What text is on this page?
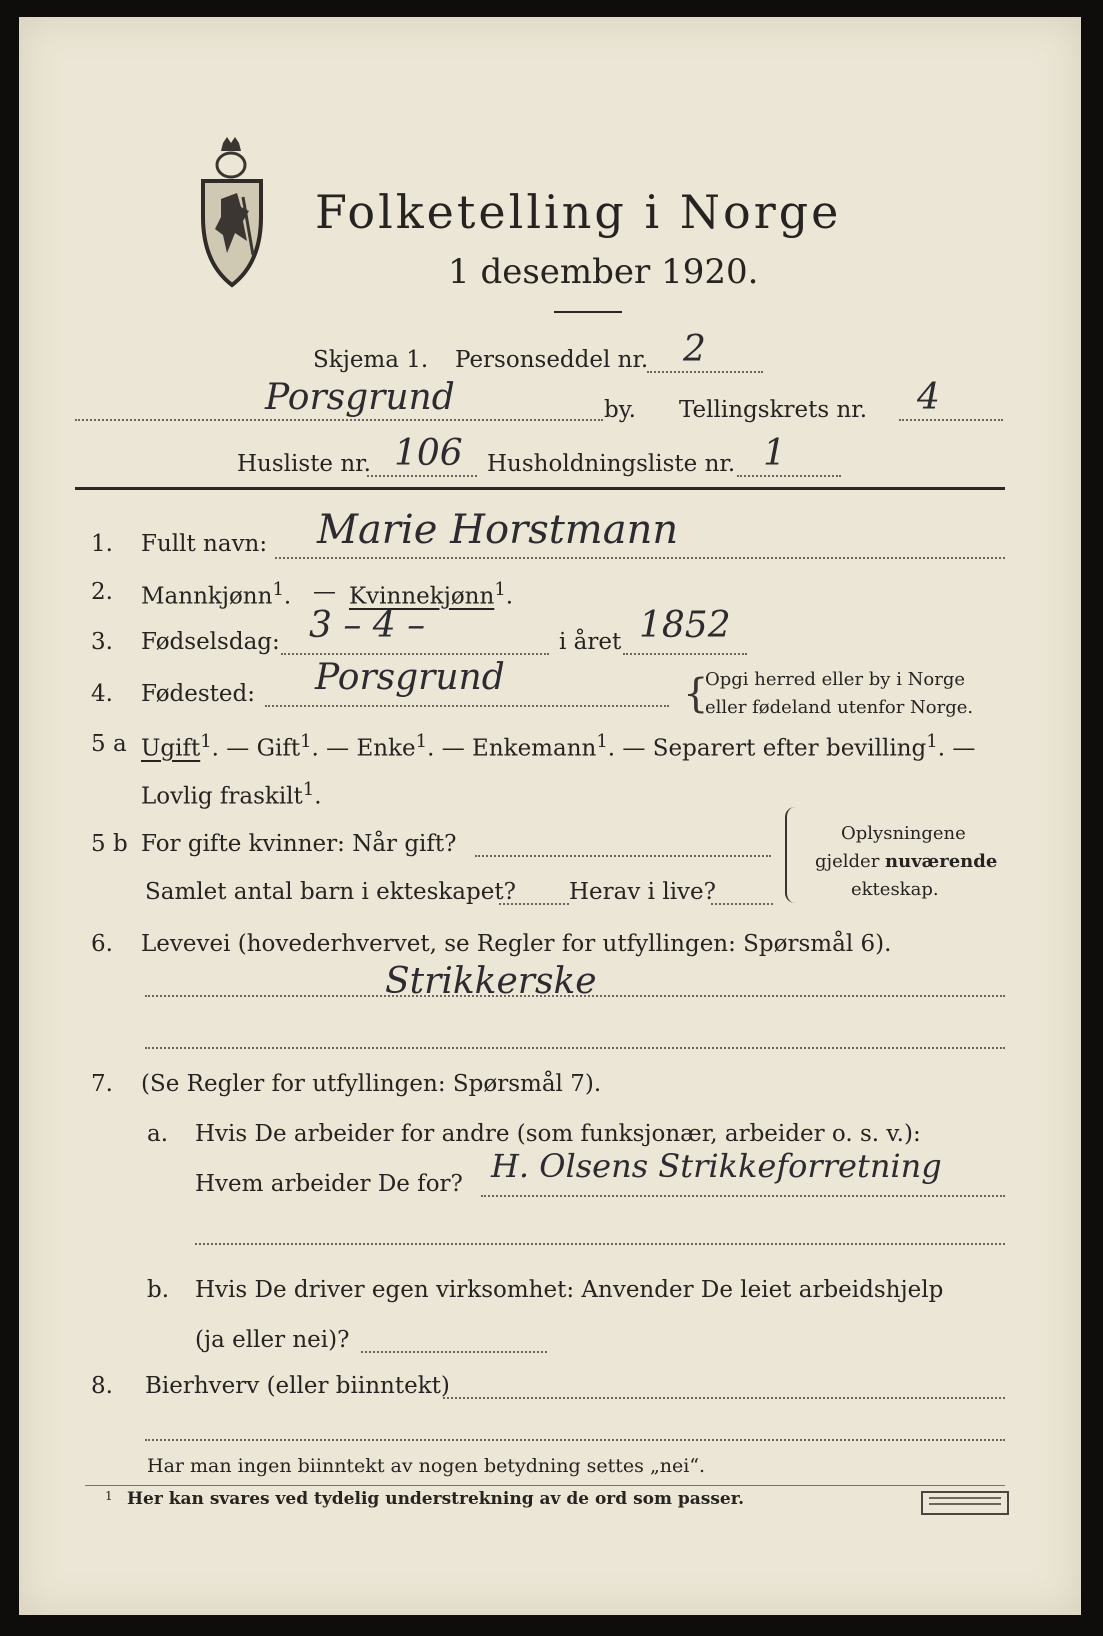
Folketelling i Norge
1 desember 1920.
Skjema 1. Personseddel nr. 2
Porsgrund	by. Tellingskrets nr. 4
Husliste nr. 106 Husholdningsliste nr. 1
1. Fullt navn: Marie Horstmann
2. Mannkjønn$^1$. — Kvinnekjønn$^1$.
3. Fødselsdag: 3 – 4 –	i året 1852
4. Fødested: Porsgrund	{
Opgi herred eller by i Norge
eller fødeland utenfor Norge.
5 a Ugift$^1$. — Gift$^1$. — Enke$^1$. — Enkemann$^1$. — Separert efter bevilling$^1$. —
Lovlig fraskilt$^1$.
5 b For gifte kvinner: Når gift?
Samlet antal barn i ekteskapet? Herav i live?
Oplysningene
gjelder nuværende
ekteskap.
6. Levevei (hovederhvervet, se Regler for utfyllingen: Spørsmål 6).
Strikkerske
7. (Se Regler for utfyllingen: Spørsmål 7).
a. Hvis De arbeider for andre (som funksjonær, arbeider o. s. v.):
Hvem arbeider De for? H. Olsens Strikkeforretning
b. Hvis De driver egen virksomhet: Anvender De leiet arbeidshjelp
(ja eller nei)?
8. Bierhverv (eller biinntekt)
Har man ingen biinntekt av nogen betydning settes „nei“.
1 Her kan svares ved tydelig understrekning av de ord som passer.
